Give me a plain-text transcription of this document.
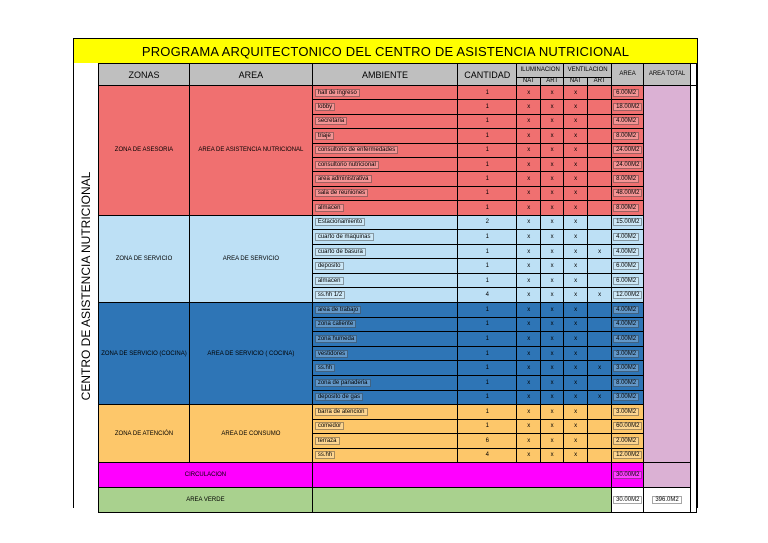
PROGRAMA ARQUITECTONICO DEL CENTRO DE ASISTENCIA NUTRICIONAL
CENTRO DE ASISTENCIA NUTRICIONAL
ZONAS	AREA	AMBIENTE	CANTIDAD	ILUMINACION		VENTILACION		AREA	AREA TOTAL	
				NAT	ART	NAT	ART			
ZONA DE ASESORIA	AREA DE ASISTENCIA NUTRICIONAL	hall de ingreso	1	x	x	x		6.00M2		
		lobby	1	x	x	x		18.00M2		
		secretaria	1	x	x	x		4.00M2		
		triaje	1	x	x	x		8.00M2		
		consultorio de enfermedades	1	x	x	x		24.00M2		
		consultorio nutricional	1	x	x	x		24.00M2		
		area administrativa	1	x	x	x		8.00M2		
		sala de reuniones	1	x	x	x		48.00M2		
		almacen	1	x	x	x		8.00M2		
ZONA DE SERVICIO	AREA DE SERVICIO	Estacionamiento	2	x	x	x		15.00M2		
		cuarto de maquinas	1	x	x	x		4.00M2		
		cuarto de basura	1	x	x	x	x	4.00M2		
		deposito	1	x	x	x		6.00M2		
		almacen	1	x	x	x		6.00M2		
		ss.hh 1/2	4	x	x	x	x	12.00M2		
ZONA DE SERVICIO (COCINA)	AREA DE SERVICIO ( COCINA)	area de trabajo	1	x	x	x		4.00M2		
		zona caliente	1	x	x	x		4.00M2		
		zona humeda	1	x	x	x		4.00M2		
		vestidores	1	x	x	x		3.00M2		
		ss.hh	1	x	x	x	x	3.00M2		
		zona de panaderia	1	x	x	x		8.00M2		
		deposito de gas	1	x	x	x	x	3.00M2		
ZONA DE ATENCIÓN	AREA DE CONSUMO	barra de atencion	1	x	x	x		3.00M2		
		comedor	1	x	x	x		60.00M2		
		terraza	6	x	x	x		2.00M2		
		ss.hh	4	x	x	x		12.00M2		
CIRCULACION								30.00M2		
AREA VERDE								30.00M2	396.0M2	
